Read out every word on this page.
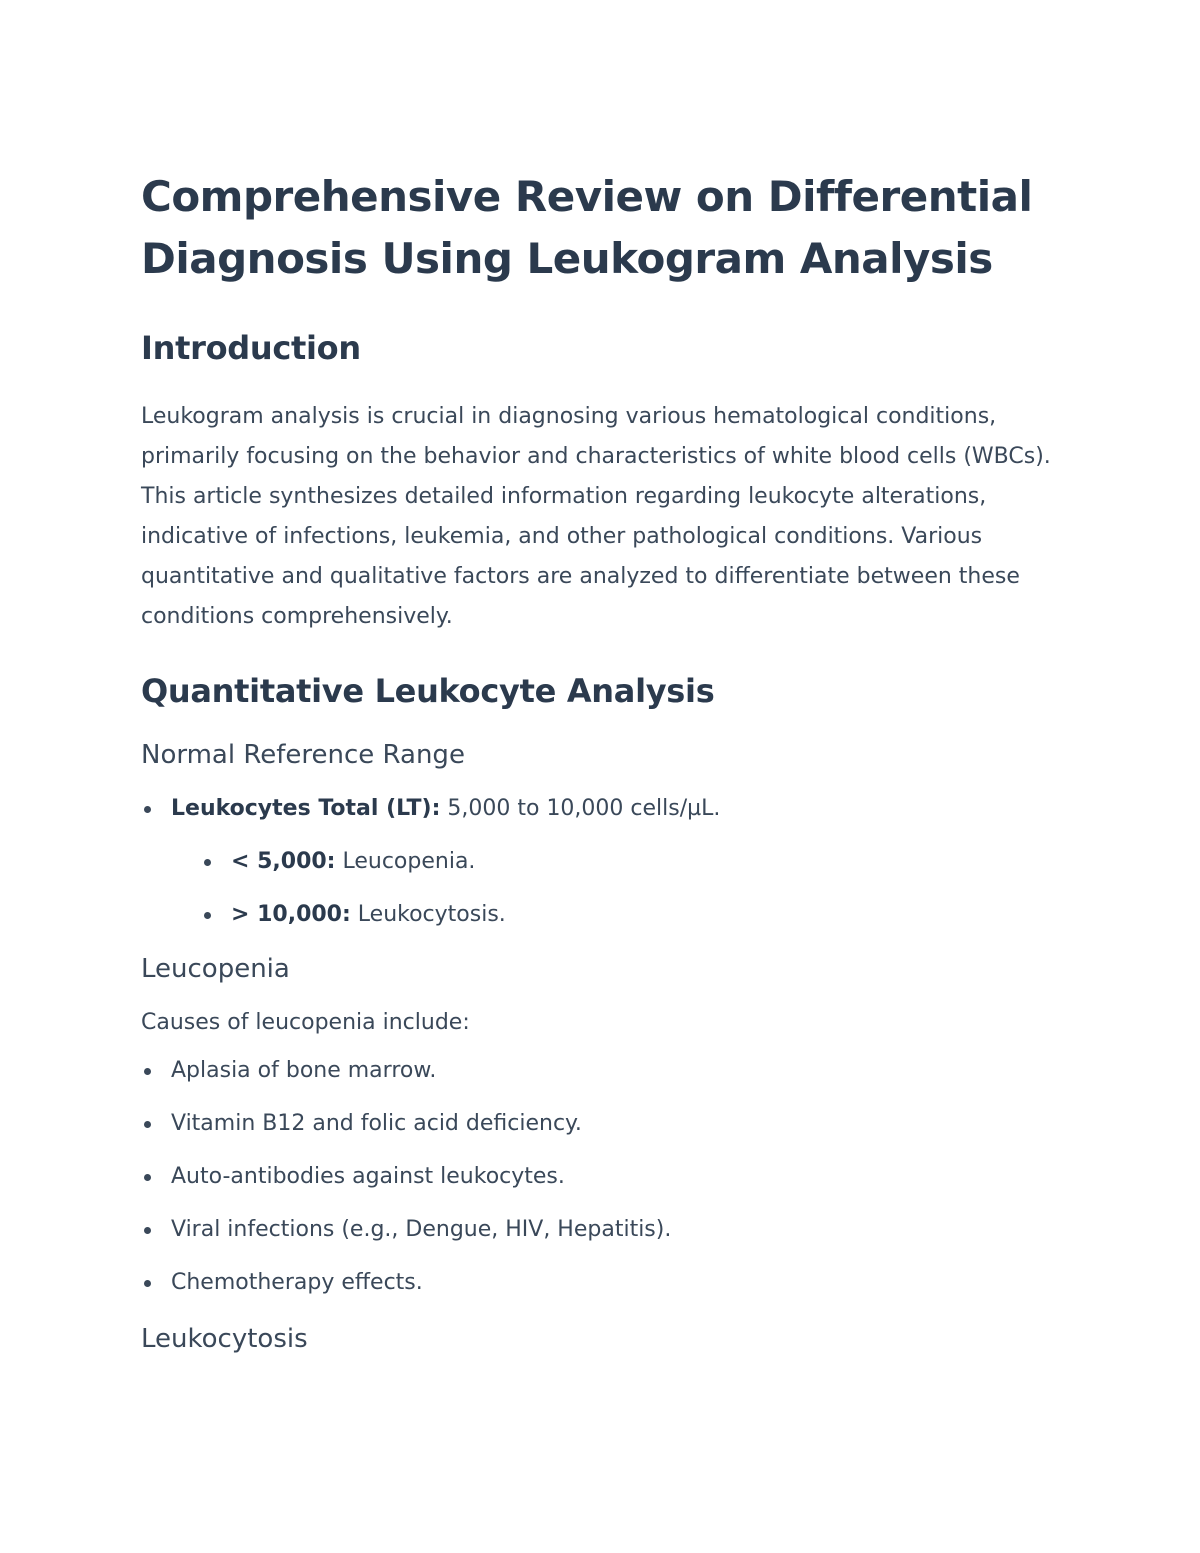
Comprehensive Review on Differential Diagnosis Using Leukogram Analysis
Introduction

Leukogram analysis is crucial in diagnosing various hematological conditions, primarily focusing on the behavior and characteristics of white blood cells (WBCs). This article synthesizes detailed information regarding leukocyte alterations, indicative of infections, leukemia, and other pathological conditions. Various quantitative and qualitative factors are analyzed to differentiate between these conditions comprehensively.

Quantitative Leukocyte Analysis
Normal Reference Range
Leukocytes Total (LT): 5,000 to 10,000 cells/µL.
< 5,000: Leucopenia.
> 10,000: Leukocytosis.
Leucopenia

Causes of leucopenia include:

Aplasia of bone marrow.
Vitamin B12 and folic acid deficiency.
Auto-antibodies against leukocytes.
Viral infections (e.g., Dengue, HIV, Hepatitis).
Chemotherapy effects.
Leukocytosis
